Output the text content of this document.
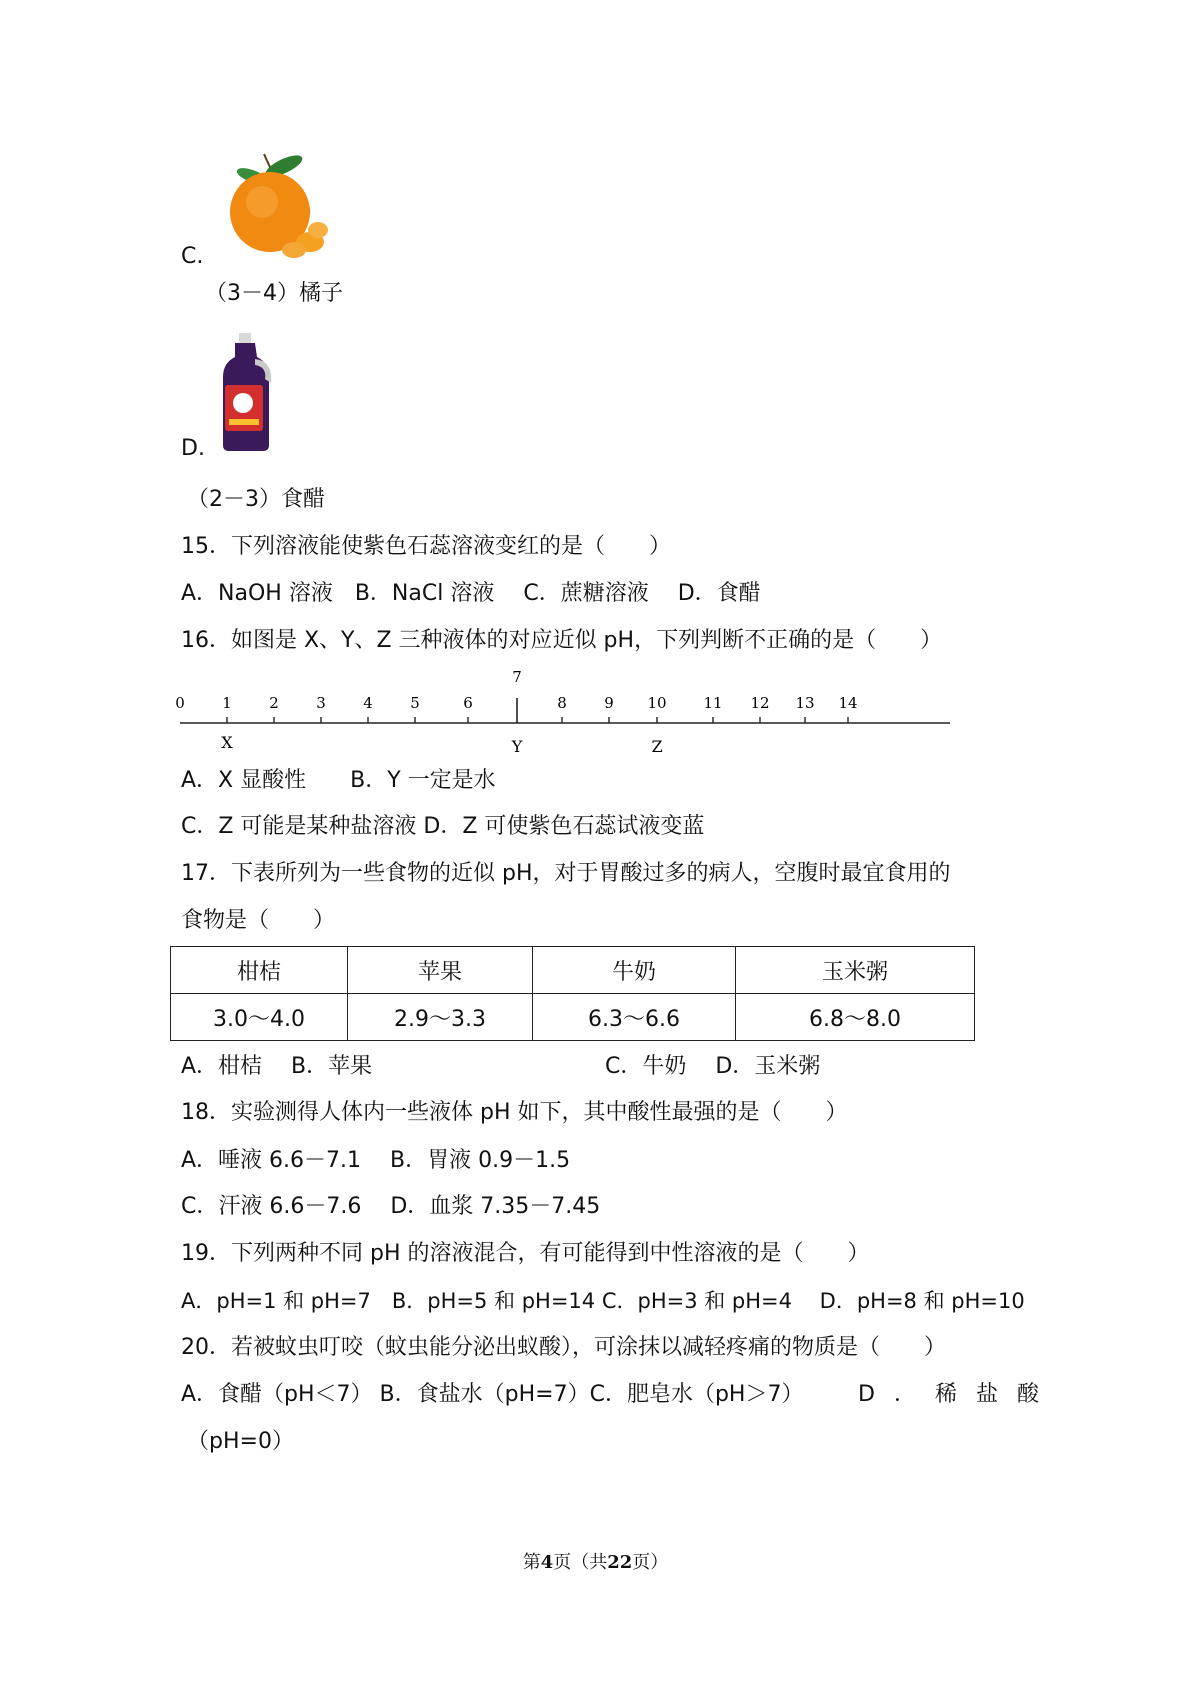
C.
（3－4）橘子
D.
（2－3）食醋
15．下列溶液能使紫色石蕊溶液变红的是（　　）
A．NaOH 溶液　B．NaCl 溶液　 C．蔗糖溶液　 D．食醋
16．如图是 X、Y、Z 三种液体的对应近似 pH，下列判断不正确的是（　　）
0 1 2 3 4 5	6
7
8 9 10 11 12 13 14
X	Y	Z
A．X 显酸性　　B．Y 一定是水
C．Z 可能是某种盐溶液 D．Z 可使紫色石蕊试液变蓝
17．下表所列为一些食物的近似 pH，对于胃酸过多的病人，空腹时最宜食用的
食物是（　　）
柑桔	苹果	牛奶	玉米粥
3.0～4.0	2.9～3.3	6.3～6.6	6.8～8.0
A．柑桔　 B．苹果	C．牛奶　 D．玉米粥
18．实验测得人体内一些液体 pH 如下，其中酸性最强的是（　　）
A．唾液 6.6－7.1　 B．胃液 0.9－1.5
C．汗液 6.6－7.6　 D．血浆 7.35－7.45
19．下列两种不同 pH 的溶液混合，有可能得到中性溶液的是（　　）
A．pH=1 和 pH=7　B．pH=5 和 pH=14 C．pH=3 和 pH=4　 D．pH=8 和 pH=10
20．若被蚊虫叮咬（蚊虫能分泌出蚁酸），可涂抹以减轻疼痛的物质是（　　）
A．食醋（pH＜7） B．食盐水（pH=7）C．肥皂水（pH＞7） D．稀盐酸
（pH=0）
第4页（共22页）
